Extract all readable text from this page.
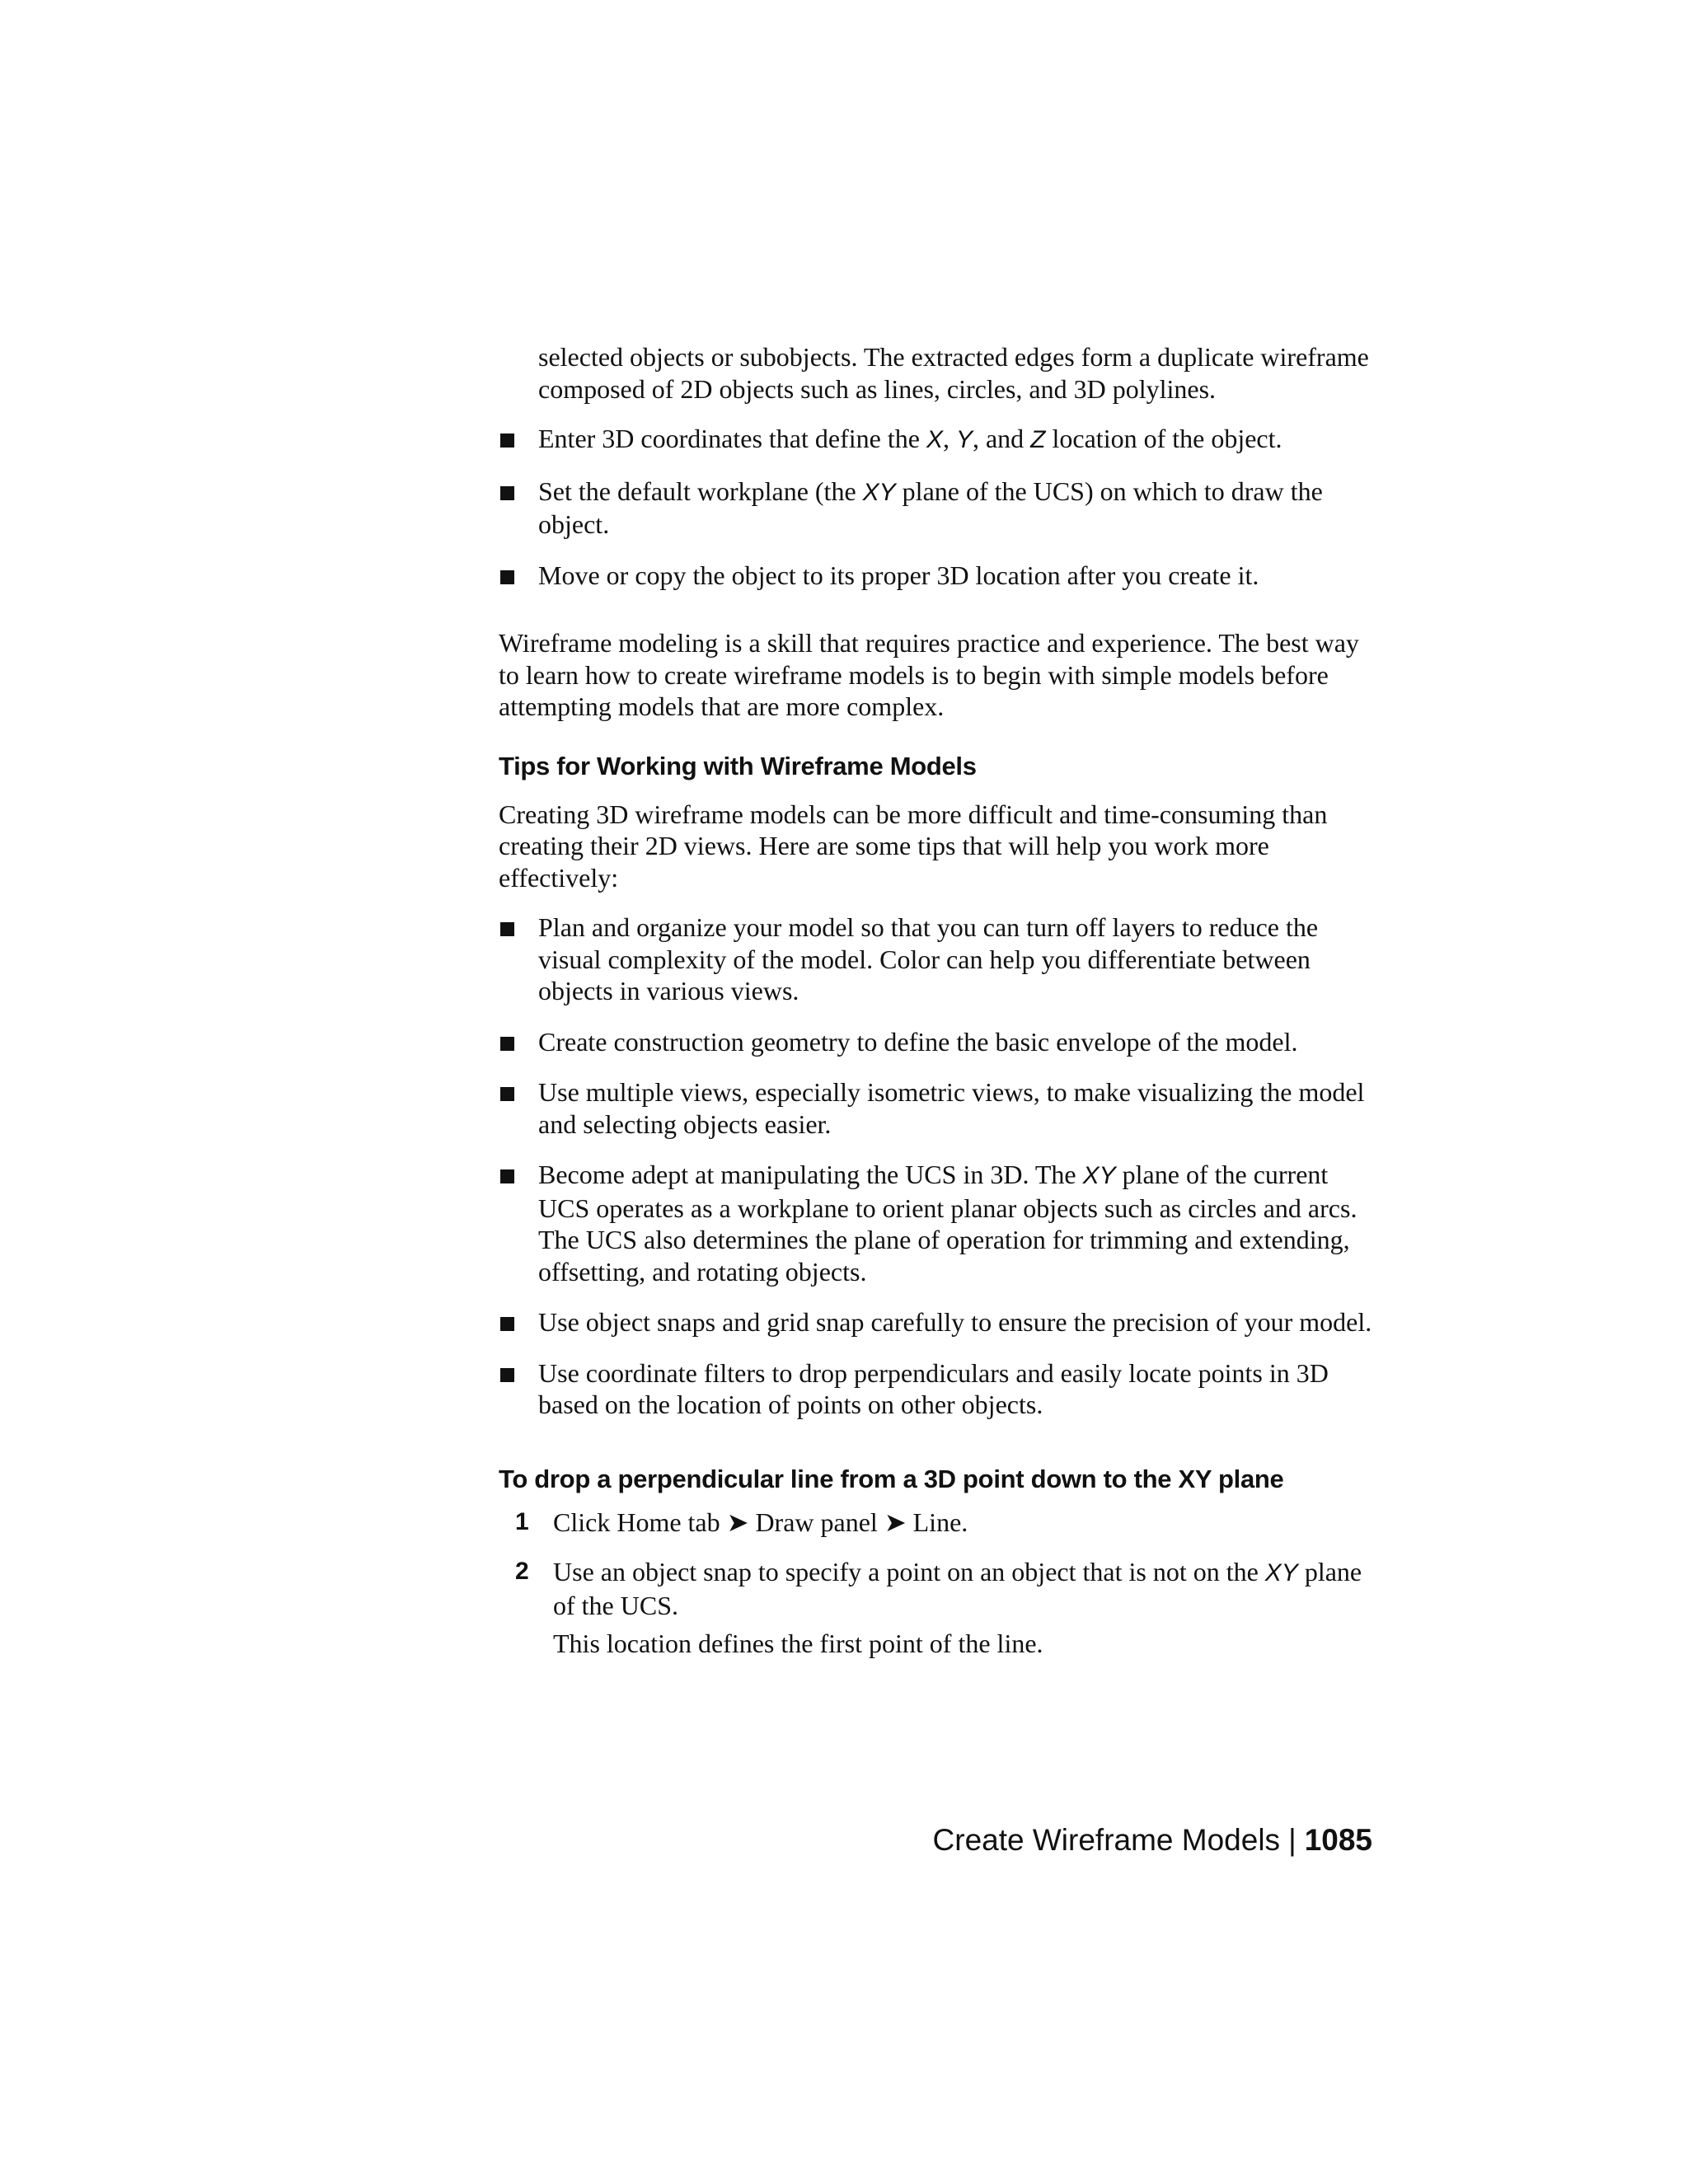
selected objects or subobjects. The extracted edges form a duplicate wireframe composed of 2D objects such as lines, circles, and 3D polylines.

Enter 3D coordinates that define the X, Y, and Z location of the object.
Set the default workplane (the XY plane of the UCS) on which to draw the object.
Move or copy the object to its proper 3D location after you create it.

Wireframe modeling is a skill that requires practice and experience. The best way to learn how to create wireframe models is to begin with simple models before attempting models that are more complex.

Tips for Working with Wireframe Models

Creating 3D wireframe models can be more difficult and time-consuming than creating their 2D views. Here are some tips that will help you work more effectively:

Plan and organize your model so that you can turn off layers to reduce the visual complexity of the model. Color can help you differentiate between objects in various views.
Create construction geometry to define the basic envelope of the model.
Use multiple views, especially isometric views, to make visualizing the model and selecting objects easier.
Become adept at manipulating the UCS in 3D. The XY plane of the current UCS operates as a workplane to orient planar objects such as circles and arcs. The UCS also determines the plane of operation for trimming and extending, offsetting, and rotating objects.
Use object snaps and grid snap carefully to ensure the precision of your model.
Use coordinate filters to drop perpendiculars and easily locate points in 3D based on the location of points on other objects.
To drop a perpendicular line from a 3D point down to the XY plane
1 Click Home tab ➤ Draw panel ➤ Line.
2 Use an object snap to specify a point on an object that is not on the XY plane of the UCS.
This location defines the first point of the line.
Create Wireframe Models | 1085
